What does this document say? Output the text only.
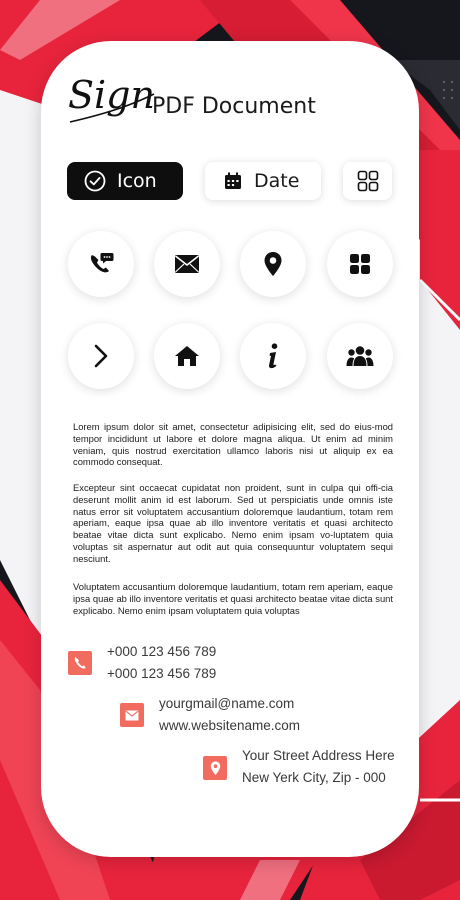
Sign
PDF Document
Icon	Date

Lorem ipsum dolor sit amet, consectetur adipisicing elit, sed do eius-mod tempor incididunt ut labore et dolore magna aliqua. Ut enim ad minim veniam, quis nostrud exercitation ullamco laboris nisi ut aliquip ex ea commodo consequat.

Excepteur sint occaecat cupidatat non proident, sunt in culpa qui offi-cia deserunt mollit anim id est laborum. Sed ut perspiciatis unde omnis iste natus error sit voluptatem accusantium doloremque laudantium, totam rem aperiam, eaque ipsa quae ab illo inventore veritatis et quasi architecto beatae vitae dicta sunt explicabo. Nemo enim ipsam vo-luptatem quia voluptas sit aspernatur aut odit aut quia consequuntur voluptatem sequi nesciunt.

Voluptatem accusantium doloremque laudantium, totam rem aperiam, eaque ipsa quae ab illo inventore veritatis et quasi architecto beatae vitae dicta sunt explicabo. Nemo enim ipsam voluptatem quia voluptas

+000 123 456 789
+000 123 456 789
yourgmail@name.com
www.websitename.com
Your Street Address Here
New Yerk City, Zip - 000
